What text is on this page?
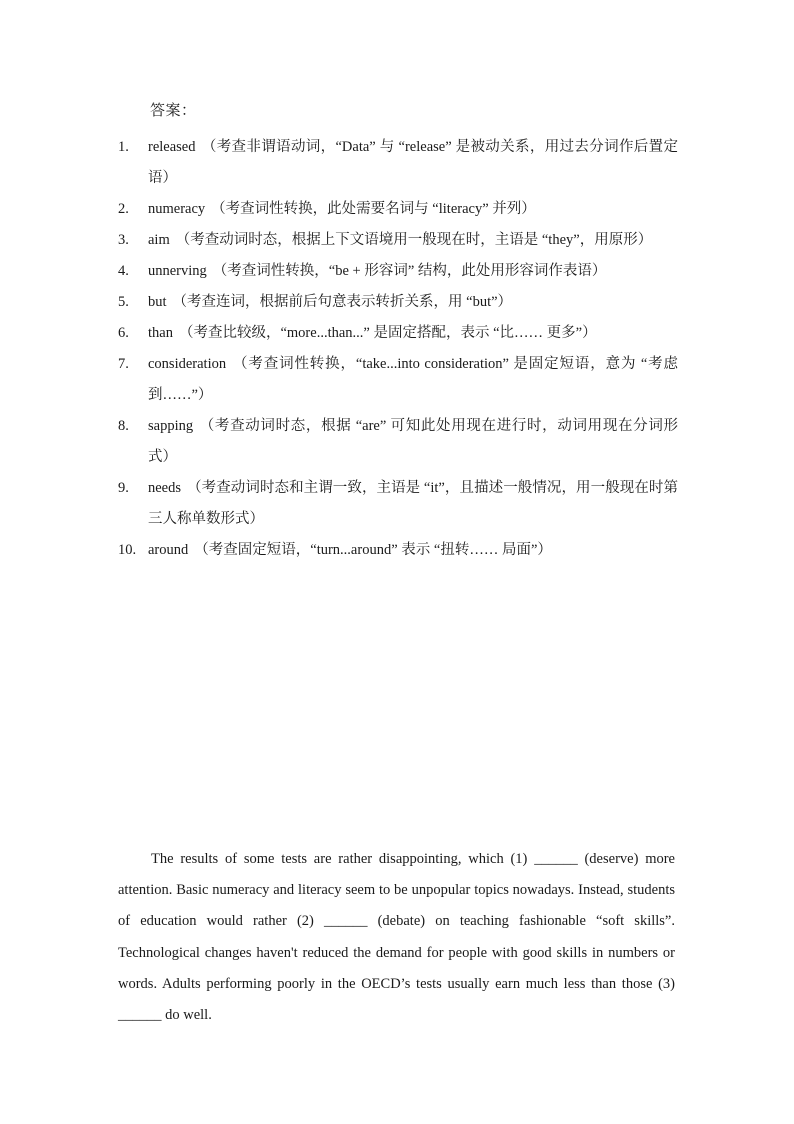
答案：
1.	released （考查非谓语动词，“Data” 与 “release” 是被动关系，用过去分词作后置定语）
2.	numeracy （考查词性转换，此处需要名词与 “literacy” 并列）
3.	aim （考查动词时态，根据上下文语境用一般现在时，主语是 “they”，用原形）
4.	unnerving （考查词性转换，“be + 形容词” 结构，此处用形容词作表语）
5.	but （考查连词，根据前后句意表示转折关系，用 “but”）
6.	than （考查比较级，“more...than...” 是固定搭配，表示 “比…… 更多”）
7.	consideration （考查词性转换，“take...into consideration” 是固定短语，意为 “考虑到……”）
8.	sapping （考查动词时态，根据 “are” 可知此处用现在进行时，动词用现在分词形式）
9.	needs （考查动词时态和主谓一致，主语是 “it”，且描述一般情况，用一般现在时第三人称单数形式）
10. around （考查固定短语，“turn...around” 表示 “扭转…… 局面”）

The results of some tests are rather disappointing, which (1) ______ (deserve) more attention. Basic numeracy and literacy seem to be unpopular topics nowadays. Instead, students of education would rather (2) ______ (debate) on teaching fashionable “soft skills”. Technological changes haven't reduced the demand for people with good skills in numbers or words. Adults performing poorly in the OECD’s tests usually earn much less than those (3) ______ do well.
